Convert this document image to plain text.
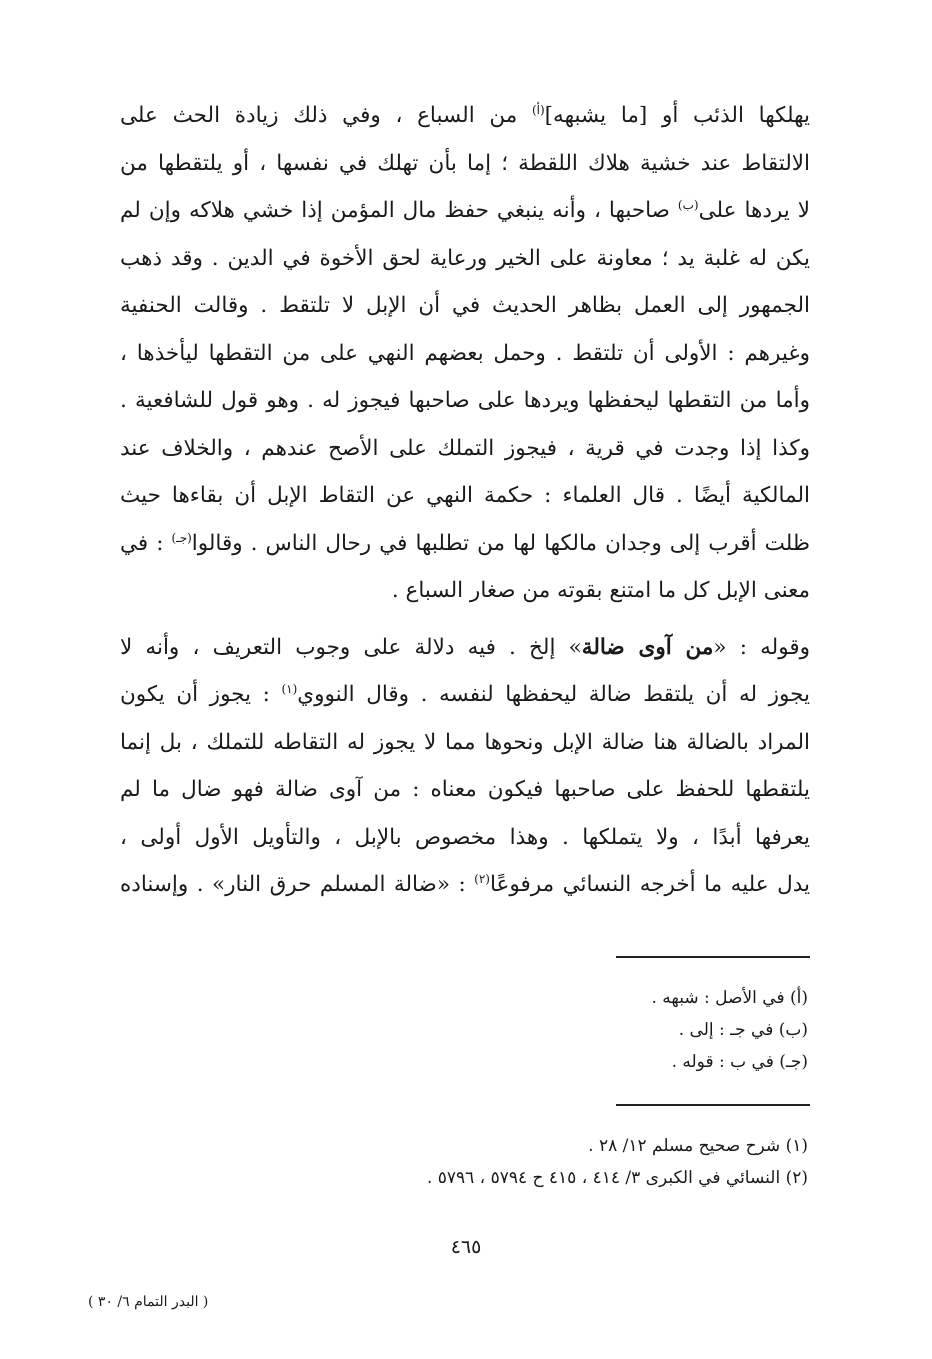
يهلكها الذئب أو [ما يشبهه]$^{(أ)}$ من السباع ، وفي ذلك زيادة الحث على
الالتقاط عند خشية هلاك اللقطة ؛ إما بأن تهلك في نفسها ، أو يلتقطها من
لا يردها على$^{(ب)}$ صاحبها ، وأنه ينبغي حفظ مال المؤمن إذا خشي هلاكه وإن لم
يكن له غلبة يد ؛ معاونة على الخير ورعاية لحق الأخوة في الدين . وقد ذهب
الجمهور إلى العمل بظاهر الحديث في أن الإبل لا تلتقط . وقالت الحنفية
وغيرهم : الأولى أن تلتقط . وحمل بعضهم النهي على من التقطها ليأخذها ،
وأما من التقطها ليحفظها ويردها على صاحبها فيجوز له . وهو قول للشافعية .
وكذا إذا وجدت في قرية ، فيجوز التملك على الأصح عندهم ، والخلاف عند
المالكية أيضًا . قال العلماء : حكمة النهي عن التقاط الإبل أن بقاءها حيث
ظلت أقرب إلى وجدان مالكها لها من تطلبها في رحال الناس . وقالوا$^{(جـ)}$ : في
معنى الإبل كل ما امتنع بقوته من صغار السباع .
وقوله : «من آوى ضالة» إلخ . فيه دلالة على وجوب التعريف ، وأنه لا
يجوز له أن يلتقط ضالة ليحفظها لنفسه . وقال النووي$^{(١)}$ : يجوز أن يكون
المراد بالضالة هنا ضالة الإبل ونحوها مما لا يجوز له التقاطه للتملك ، بل إنما
يلتقطها للحفظ على صاحبها فيكون معناه : من آوى ضالة فهو ضال ما لم
يعرفها أبدًا ، ولا يتملكها . وهذا مخصوص بالإبل ، والتأويل الأول أولى ،
يدل عليه ما أخرجه النسائي مرفوعًا$^{(٢)}$ : «ضالة المسلم حرق النار» . وإسناده
(أ) في الأصل : شبهه .
(ب) في جـ : إلى .
(جـ) في ب : قوله .
(١) شرح صحيح مسلم ١٢/ ٢٨ .
(٢) النسائي في الكبرى ٣/ ٤١٤ ، ٤١٥ ح ٥٧٩٤ ، ٥٧٩٦ .
٤٦٥
( البدر التمام ٦/ ٣٠ )
